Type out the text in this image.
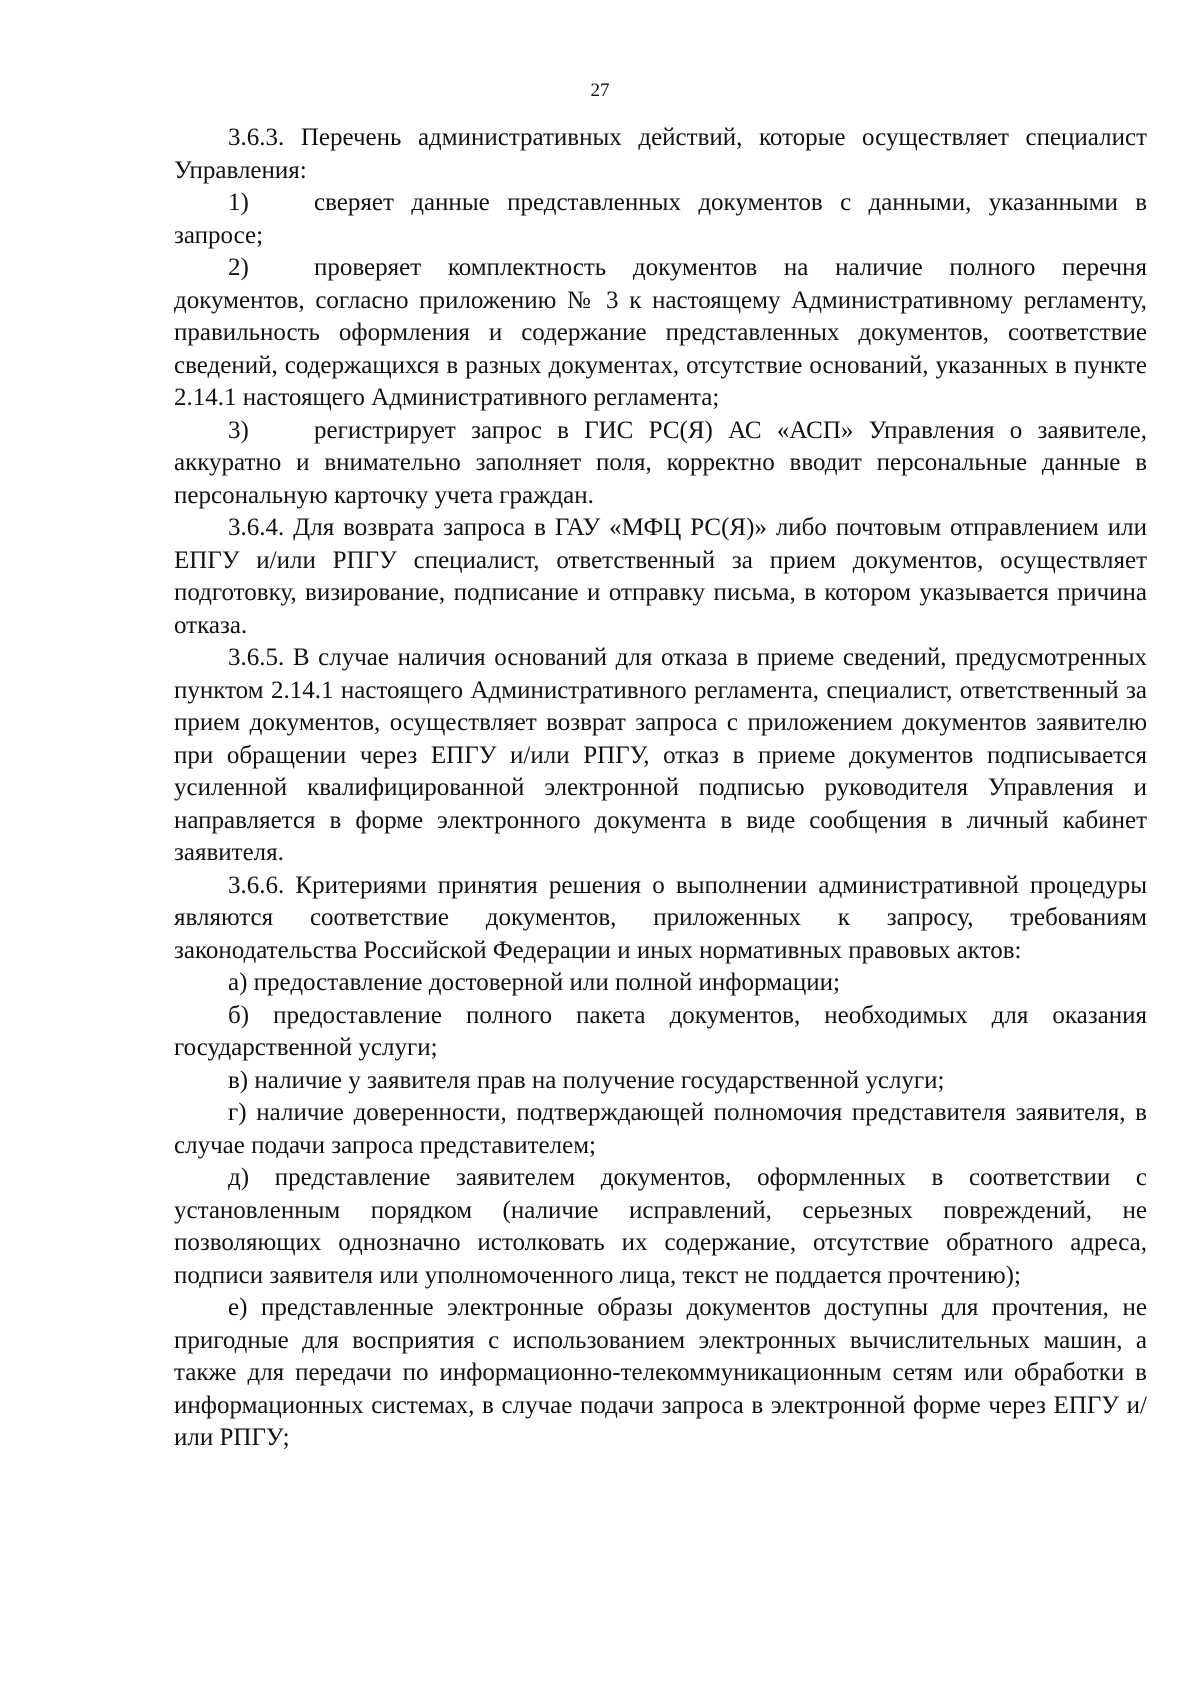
27

3.6.3. Перечень административных действий, которые осуществляет специалист Управления:

1)	сверяет данные представленных документов с данными, указанными в запросе;

2)	проверяет комплектность документов на наличие полного перечня документов, согласно приложению № 3 к настоящему Административному регламенту, правильность оформления и содержание представленных документов, соответствие сведений, содержащихся в разных документах, отсутствие оснований, указанных в пункте 2.14.1 настоящего Административного регламента;

3)	регистрирует запрос в ГИС РС(Я) АС «АСП» Управления о заявителе, аккуратно и внимательно заполняет поля, корректно вводит персональные данные в персональную карточку учета граждан.

3.6.4. Для возврата запроса в ГАУ «МФЦ РС(Я)» либо почтовым отправлением или ЕПГУ и/или РПГУ специалист, ответственный за прием документов, осуществляет подготовку, визирование, подписание и отправку письма, в котором указывается причина отказа.

3.6.5. В случае наличия оснований для отказа в приеме сведений, предусмотренных пунктом 2.14.1 настоящего Административного регламента, специалист, ответственный за прием документов, осуществляет возврат запроса с приложением документов заявителю при обращении через ЕПГУ и/или РПГУ, отказ в приеме документов подписывается усиленной квалифицированной электронной подписью руководителя Управления и направляется в форме электронного документа в виде сообщения в личный кабинет заявителя.

3.6.6. Критериями принятия решения о выполнении административной процедуры являются соответствие документов, приложенных к запросу, требованиям законодательства Российской Федерации и иных нормативных правовых актов:

а) предоставление достоверной или полной информации;

б) предоставление полного пакета документов, необходимых для оказания государственной услуги;

в) наличие у заявителя прав на получение государственной услуги;

г) наличие доверенности, подтверждающей полномочия представителя заявителя, в случае подачи запроса представителем;

д) представление заявителем документов, оформленных в соответствии с установленным порядком (наличие исправлений, серьезных повреждений, не позволяющих однозначно истолковать их содержание, отсутствие обратного адреса, подписи заявителя или уполномоченного лица, текст не поддается прочтению);

е) представленные электронные образы документов доступны для прочтения, не пригодные для восприятия с использованием электронных вычислительных машин, а также для передачи по информационно-телекоммуникационным сетям или обработки в информационных системах, в случае подачи запроса в электронной форме через ЕПГУ и/или РПГУ;
